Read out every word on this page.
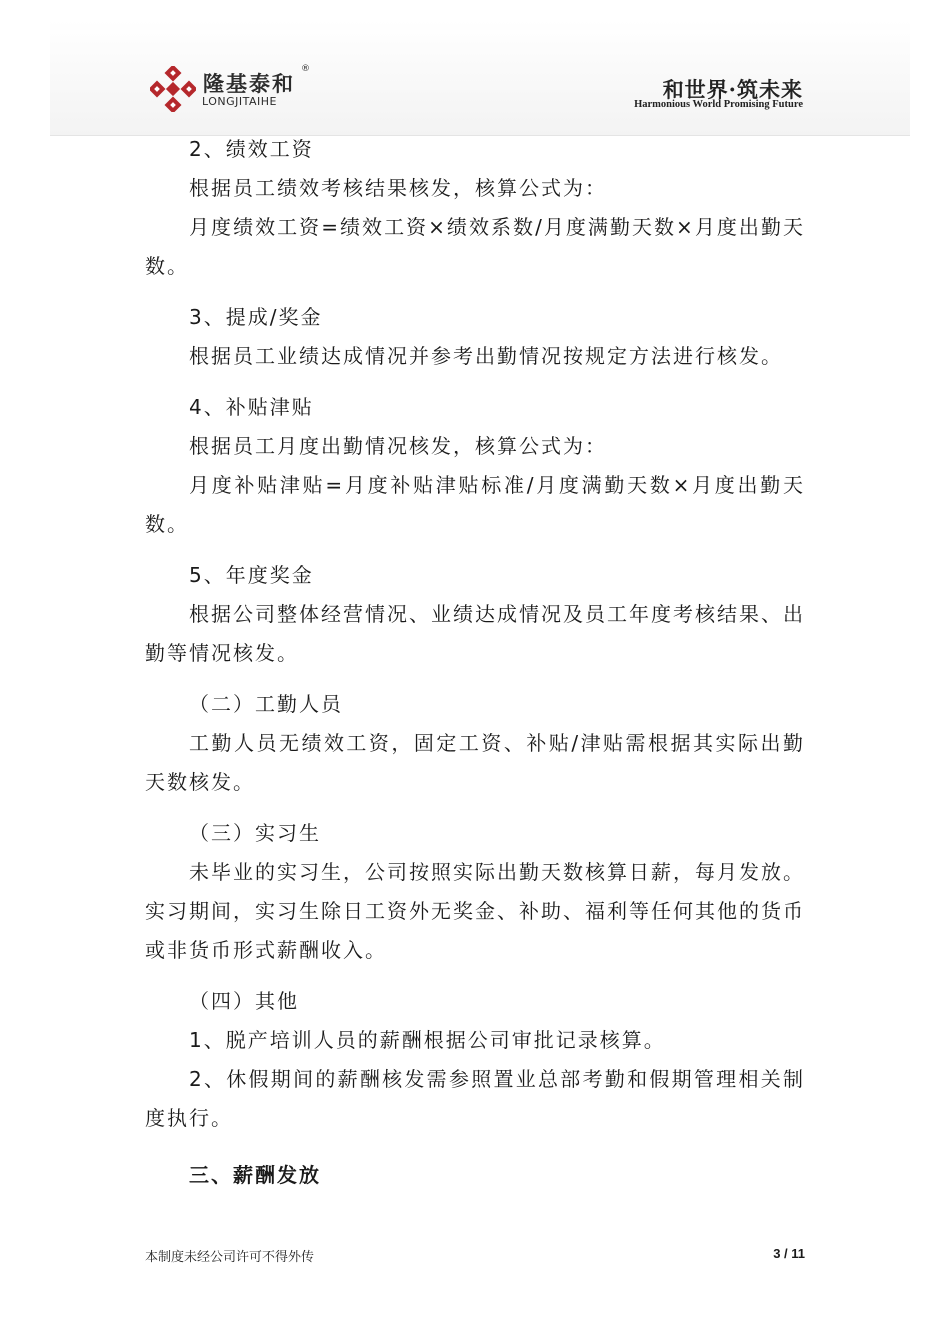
隆基泰和
®
LONGJITAIHE	和世界·筑未来
Harmonious World Promising Future

2、绩效工资

根据员工绩效考核结果核发，核算公式为：

月度绩效工资=绩效工资×绩效系数/月度满勤天数×月度出勤天数。

3、提成/奖金

根据员工业绩达成情况并参考出勤情况按规定方法进行核发。

4、补贴津贴

根据员工月度出勤情况核发，核算公式为：

月度补贴津贴=月度补贴津贴标准/月度满勤天数×月度出勤天数。

5、年度奖金

根据公司整体经营情况、业绩达成情况及员工年度考核结果、出勤等情况核发。

（二）工勤人员

工勤人员无绩效工资，固定工资、补贴/津贴需根据其实际出勤天数核发。

（三）实习生

未毕业的实习生，公司按照实际出勤天数核算日薪，每月发放。实习期间，实习生除日工资外无奖金、补助、福利等任何其他的货币或非货币形式薪酬收入。

（四）其他

1、脱产培训人员的薪酬根据公司审批记录核算。

2、休假期间的薪酬核发需参照置业总部考勤和假期管理相关制度执行。

三、薪酬发放

本制度未经公司许可不得外传	3 / 11
